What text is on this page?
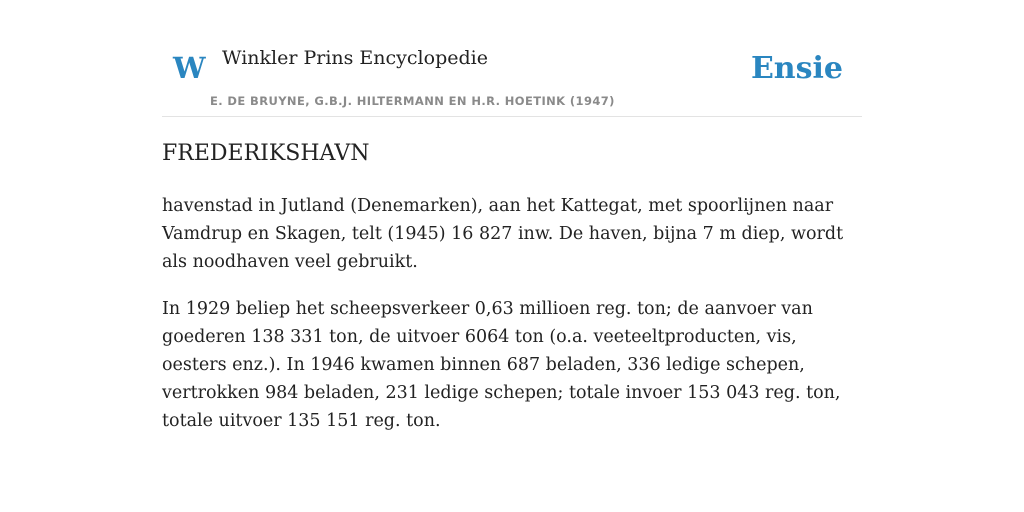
W Winkler Prins Encyclopedie
E. DE BRUYNE, G.B.J. HILTERMANN EN H.R. HOETINK (1947)
Ensie
FREDERIKSHAVN

havenstad in Jutland (Denemarken), aan het Kattegat, met spoorlijnen naar Vamdrup en Skagen, telt (1945) 16 827 inw. De haven, bijna 7 m diep, wordt als noodhaven veel gebruikt.

In 1929 beliep het scheepsverkeer 0,63 millioen reg. ton; de aanvoer van goederen 138 331 ton, de uitvoer 6064 ton (o.a. veeteeltproducten, vis, oesters enz.). In 1946 kwamen binnen 687 beladen, 336 ledige schepen, vertrokken 984 beladen, 231 ledige schepen; totale invoer 153 043 reg. ton, totale uitvoer 135 151 reg. ton.
